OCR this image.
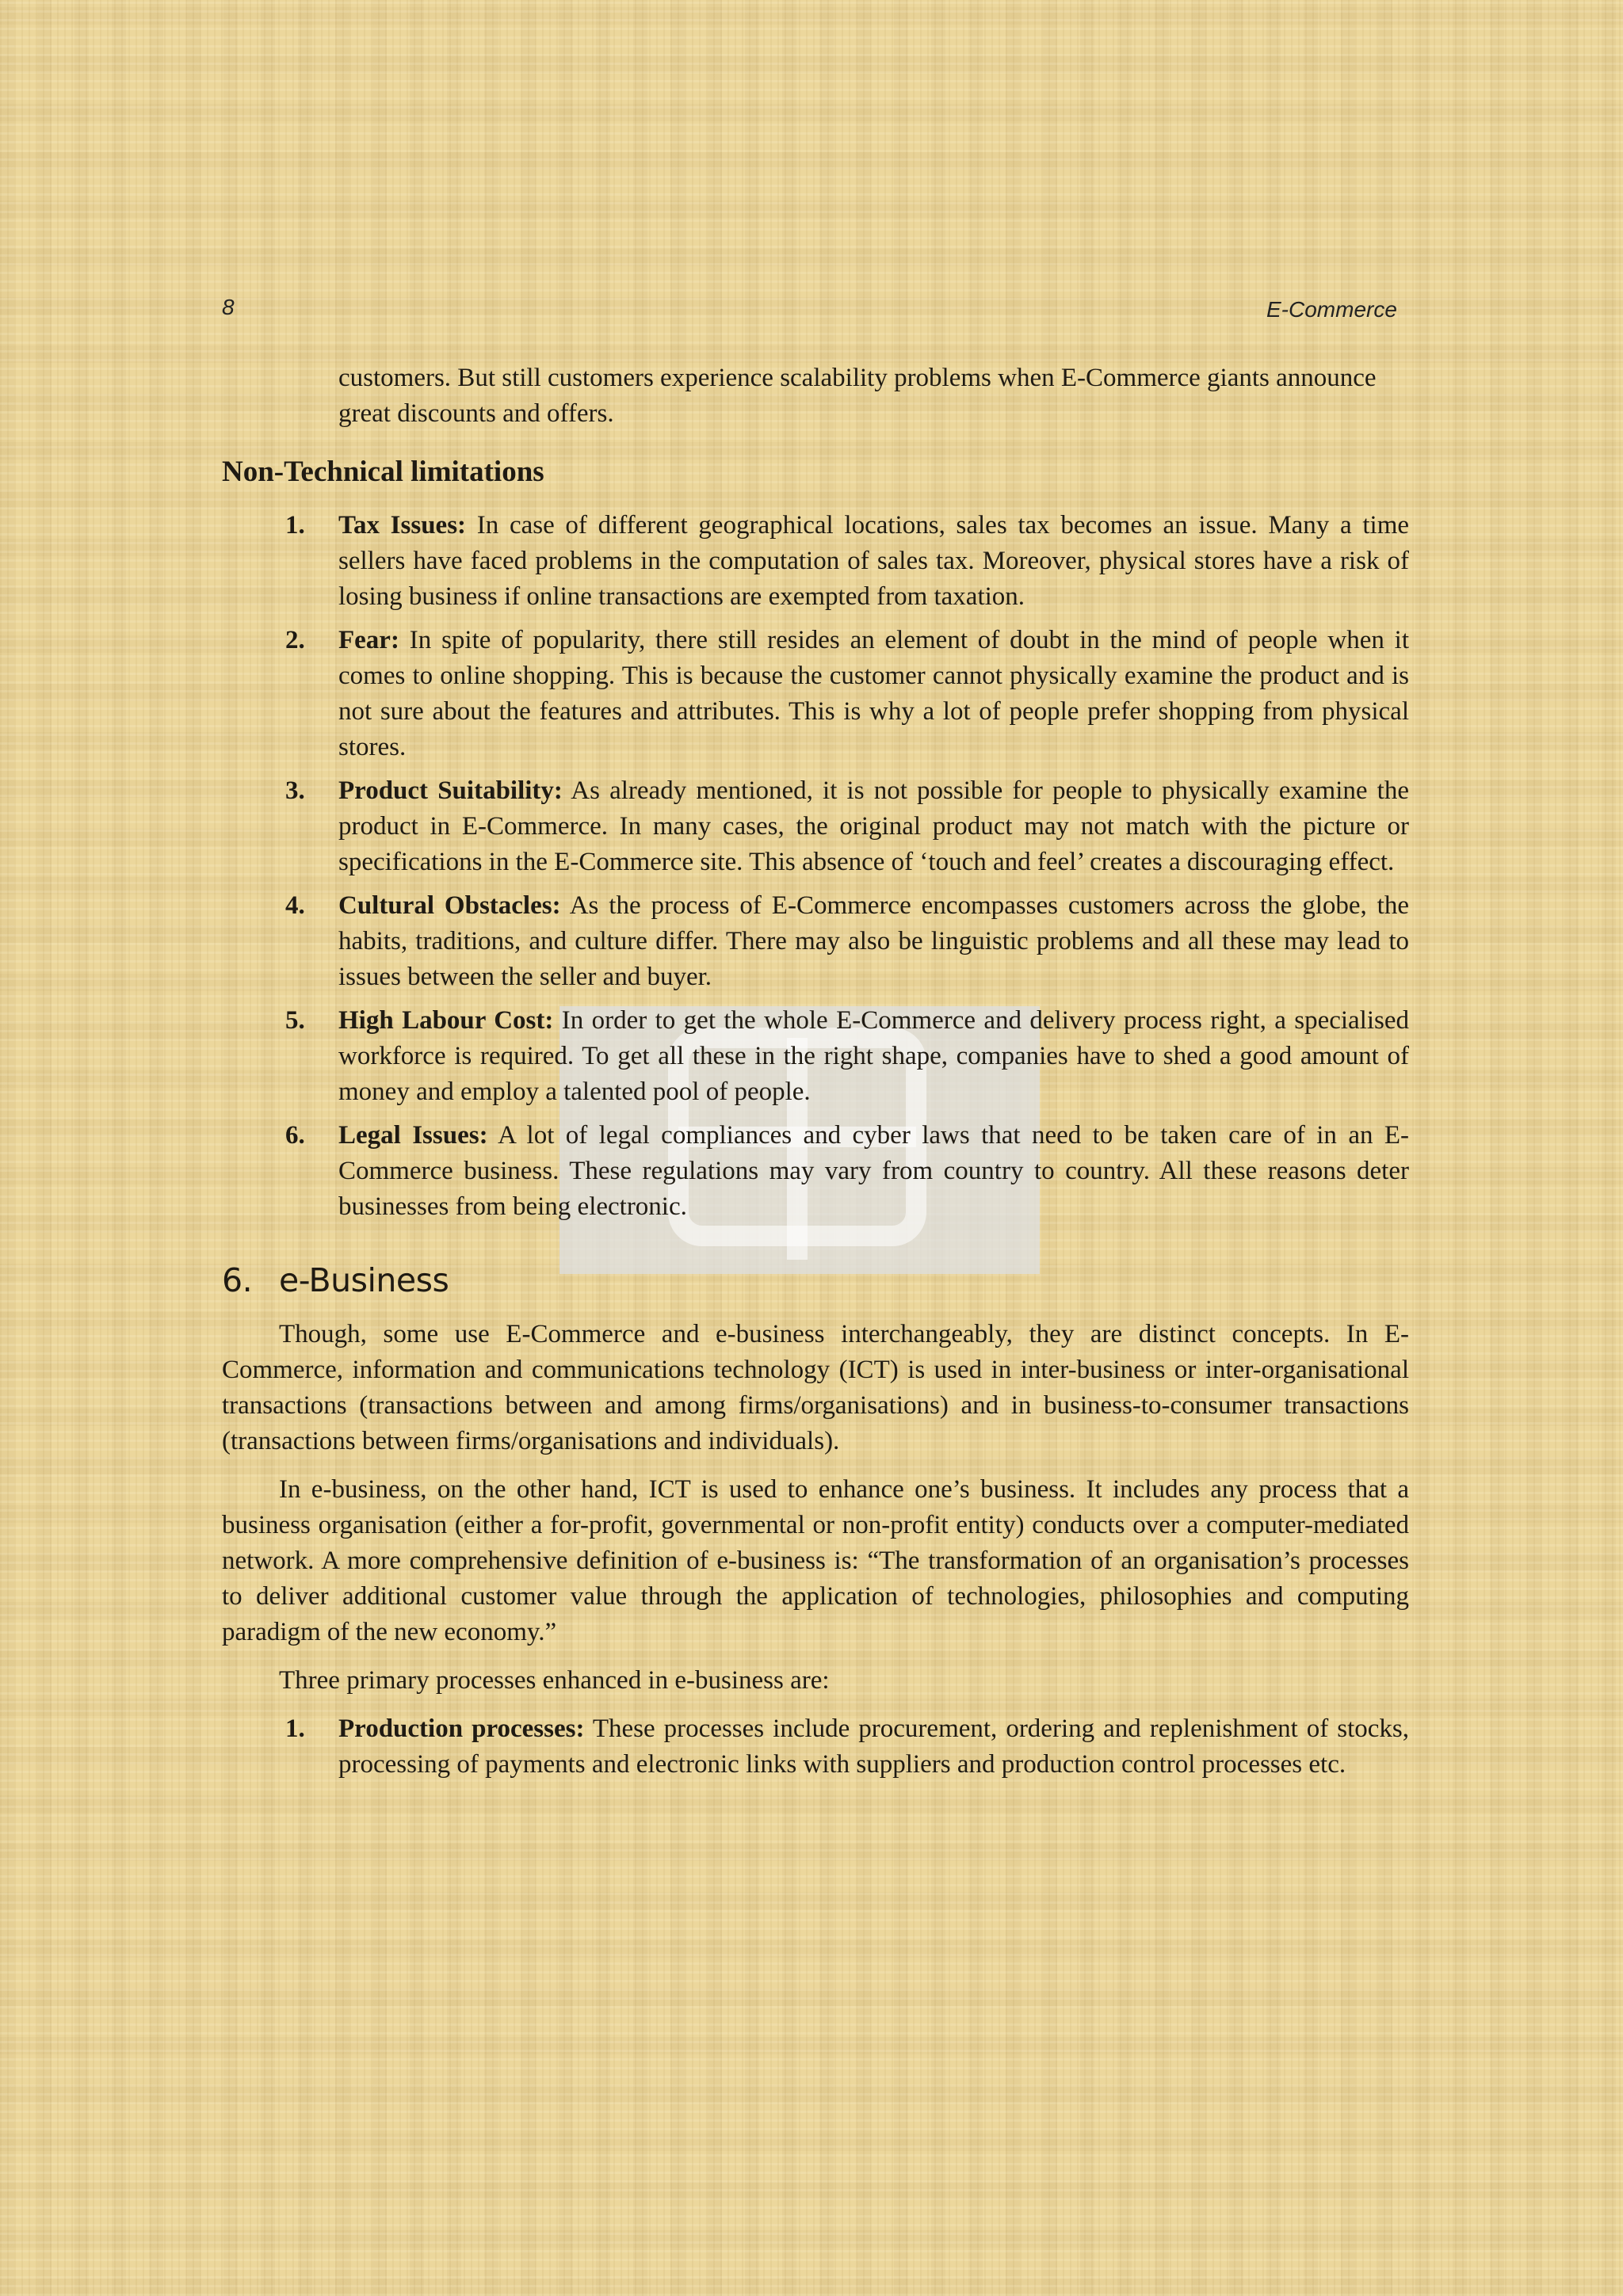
8	E-Commerce

customers. But still customers experience scalability problems when E-Commerce giants announce great discounts and offers.

Non-Technical limitations
1. Tax Issues: In case of different geographical locations, sales tax becomes an issue. Many a time sellers have faced problems in the computation of sales tax. Moreover, physical stores have a risk of losing business if online transactions are exempted from taxation.
2. Fear: In spite of popularity, there still resides an element of doubt in the mind of people when it comes to online shopping. This is because the customer cannot physically examine the product and is not sure about the features and attributes. This is why a lot of people prefer shopping from physical stores.
3. Product Suitability: As already mentioned, it is not possible for people to physically examine the product in E-Commerce. In many cases, the original product may not match with the picture or specifications in the E-Commerce site. This absence of ‘touch and feel’ creates a discouraging effect.
4. Cultural Obstacles: As the process of E-Commerce encompasses customers across the globe, the habits, traditions, and culture differ. There may also be linguistic problems and all these may lead to issues between the seller and buyer.
5. High Labour Cost: In order to get the whole E-Commerce and delivery process right, a specialised workforce is required. To get all these in the right shape, companies have to shed a good amount of money and employ a talented pool of people.
6. Legal Issues: A lot of legal compliances and cyber laws that need to be taken care of in an E-Commerce business. These regulations may vary from country to country. All these reasons deter businesses from being electronic.
6. e-Business

Though, some use E-Commerce and e-business interchangeably, they are distinct concepts. In E-Commerce, information and communications technology (ICT) is used in inter-business or inter-organisational transactions (transactions between and among firms/organisations) and in business-to-consumer transactions (transactions between firms/organisations and individuals).

In e-business, on the other hand, ICT is used to enhance one’s business. It includes any process that a business organisation (either a for-profit, governmental or non-profit entity) conducts over a computer-mediated network. A more comprehensive definition of e-business is: “The transformation of an organisation’s processes to deliver additional customer value through the application of technologies, philosophies and computing paradigm of the new economy.”

Three primary processes enhanced in e-business are:

1. Production processes: These processes include procurement, ordering and replenishment of stocks, processing of payments and electronic links with suppliers and production control processes etc.
